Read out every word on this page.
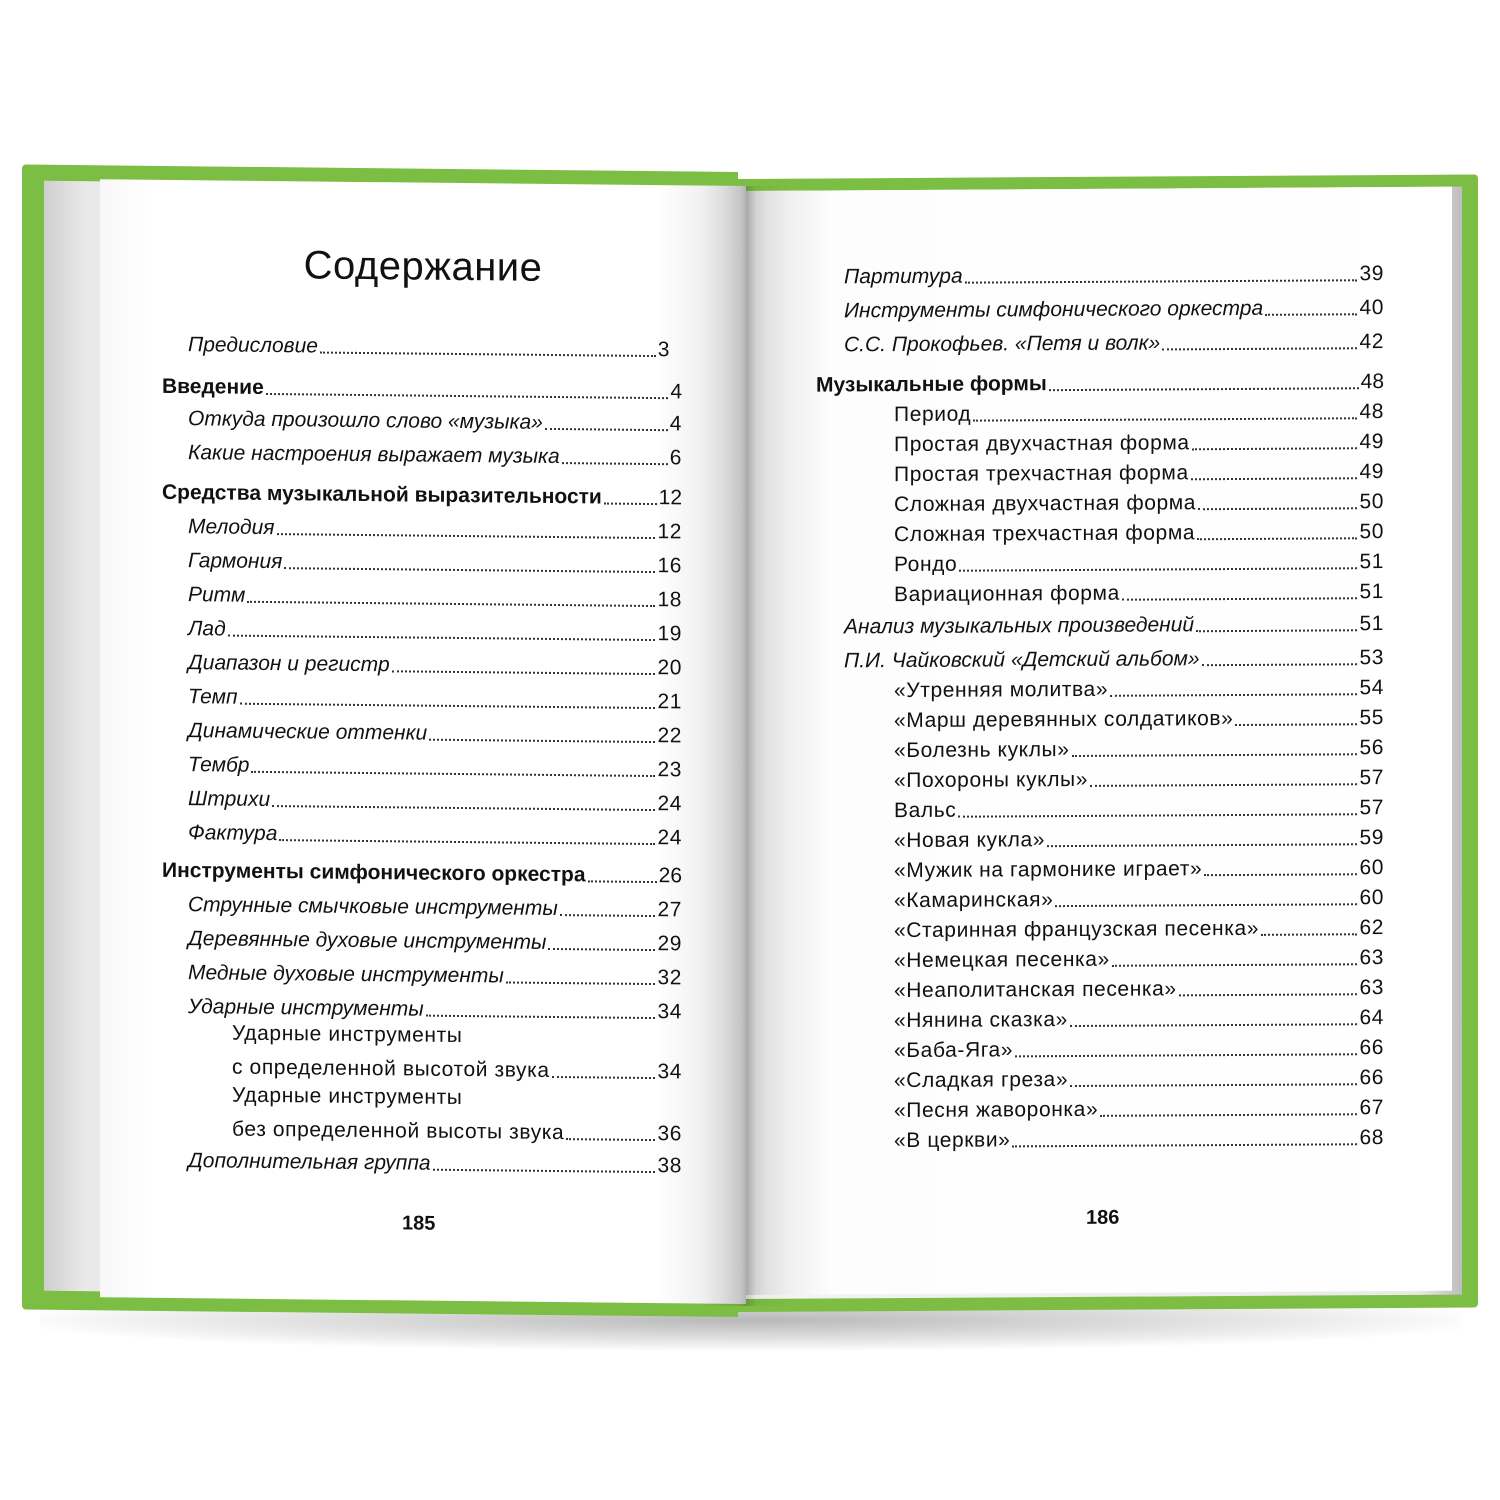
Содержание
Предисловие	3
Введение	4
Откуда произошло слово «музыка»	4
Какие настроения выражает музыка	6
Средства музыкальной выразительности	12
Мелодия	12
Гармония	16
Ритм	18
Лад	19
Диапазон и регистр	20
Темп	21
Динамические оттенки	22
Тембр	23
Штрихи	24
Фактура	24
Инструменты симфонического оркестра	26
Струнные смычковые инструменты	27
Деревянные духовые инструменты	29
Медные духовые инструменты	32
Ударные инструменты	34
Ударные инструменты
с определенной высотой звука	34
Ударные инструменты
без определенной высоты звука	36
Дополнительная группа	38
185
Партитура	39
Инструменты симфонического оркестра	40
С.С. Прокофьев. «Петя и волк»	42
Музыкальные формы	48
Период	48
Простая двухчастная форма	49
Простая трехчастная форма	49
Сложная двухчастная форма	50
Сложная трехчастная форма	50
Рондо	51
Вариационная форма	51
Анализ музыкальных произведений	51
П.И. Чайковский «Детский альбом»	53
«Утренняя молитва»	54
«Марш деревянных солдатиков»	55
«Болезнь куклы»	56
«Похороны куклы»	57
Вальс	57
«Новая кукла»	59
«Мужик на гармонике играет»	60
«Камаринская»	60
«Старинная французская песенка»	62
«Немецкая песенка»	63
«Неаполитанская песенка»	63
«Нянина сказка»	64
«Баба-Яга»	66
«Сладкая греза»	66
«Песня жаворонка»	67
«В церкви»	68
186
